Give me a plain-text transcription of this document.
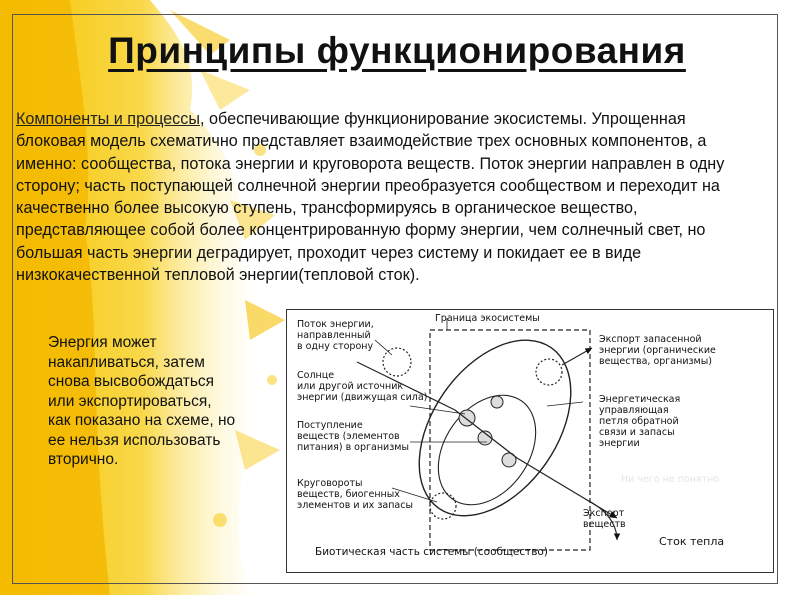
Принципы функционирования
Компоненты и процессы, обеспечивающие функционирование экосистемы. Упрощенная блоковая модель схематично представляет взаимодействие трех основных компонентов, а именно: сообщества, потока энергии и круговорота веществ. Поток энергии направлен в одну сторону; часть поступающей солнечной энергии преобразуется сообществом и переходит на качественно более высокую ступень, трансформируясь в органическое вещество, представляющее собой более концентрированную форму энергии, чем солнечный свет, но большая часть энергии деградирует, проходит через систему и покидает ее в виде низкокачественной тепловой энергии(тепловой сток).
Энергия может накапливаться, затем снова высвобождаться или экспортироваться, как показано на схеме, но ее нельзя использовать вторично.
Поток энергии,
направленный
в одну сторону
Граница экосистемы
Экспорт запасенной
энергии (органические
вещества, организмы)
Солнце
или другой источник
энергии (движущая сила)	Энергетическая
управляющая
петля обратной
связи и запасы
энергии
Поступление
веществ (элементов
питания) в организмы
Ни чего не понятно
Круговороты
веществ, биогенных
элементов и их запасы
Экспорт
веществ
Сток тепла
Биотическая часть системы (сообщество)
